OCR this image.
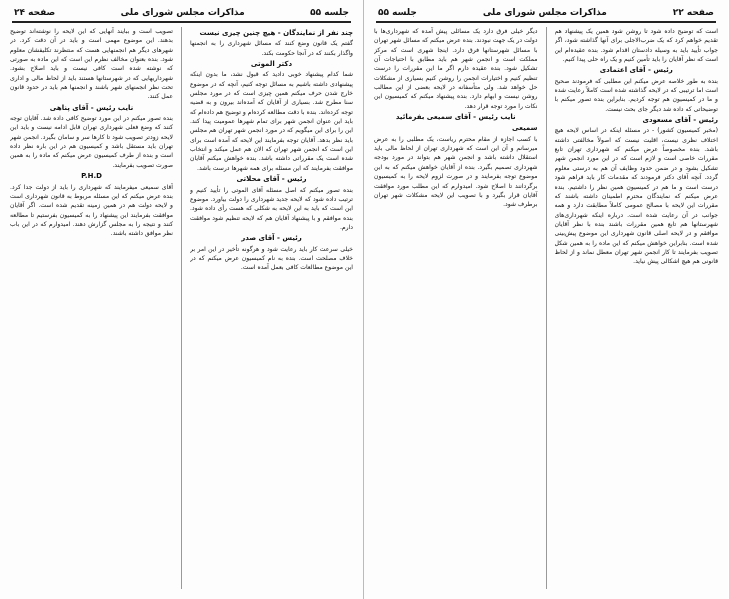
جلسه ۵۵
مذاکرات مجلس شورای ملی
صفحه ۲۴

چند نفر از نمایندگان - هیچ چنین چیزی نیست

گفتم یک قانون وضع کنند که مسائل شهرداری را به انجمنها واگذار بکنند که در آنجا حکومت بکند.

دکتر الموتی

شما کدام پیشنهاد خوبی دادید که قبول نشد، ما بدون اینکه پیشنهادی داشته باشیم به مسائل توجه کنیم، آنچه که در موضوع خارج شدن حرف میکنم همین چیزی است که در مورد مجلس سنا مطرح شد. بسیاری از آقایان که آمده‌اند بیرون و به قضیه توجه کرده‌اند. بنده با دقت مطالعه کرده‌ام و توضیح هم داده‌ام که باید این عنوان انجمن شهر برای تمام شهرها عمومیت پیدا کند. این را برای این میگویم که در مورد انجمن شهر تهران هم مجلس باید نظر بدهد. آقایان توجه بفرمایند این لایحه که آمده است برای این است که انجمن شهر تهران که الان هم عمل میکند و انتخاب شده است یک مقرراتی داشته باشد. بنده خواهش میکنم آقایان موافقت بفرمایند که این مسئله برای همه شهرها درست باشد.

رئیس - آقای محلاتی

بنده تصور میکنم که اصل مسئله آقای الموتی را تأیید کنیم و ترتیب داده شود که لایحه جدید شهرداری را دولت بیاورد. موضوع این است که باید به این لایحه به شکلی که هست رأی داده شود. بنده موافقم و با پیشنهاد آقایان هم که لایحه تنظیم شود موافقت دارم.

رئیس - آقای صدر

خیلی سرعت کار باید رعایت شود و هرگونه تأخیر در این امر بر خلاف مصلحت است. بنده به نام کمیسیون عرض میکنم که در این موضوع مطالعات کافی بعمل آمده است.

تصویب است و ببایند آنهایی که این لایحه را نوشته‌اند توضیح بدهند. این موضوع مهمی است و باید در آن دقت کرد. در شهرهای دیگر هم انجمنهایی هست که منتظرند تکلیفشان معلوم شود. بنده بعنوان مخالف نظرم این است که این ماده به صورتی که نوشته شده است کافی نیست و باید اصلاح بشود. شهرداریهایی که در شهرستانها هستند باید از لحاظ مالی و اداری تحت نظر انجمنهای شهر باشند و انجمنها هم باید در حدود قانون عمل کنند.

نایب رئیس - آقای پناهی

بنده تصور میکنم در این مورد توضیح کافی داده شد. آقایان توجه کنند که وضع فعلی شهرداری تهران قابل ادامه نیست و باید این لایحه زودتر تصویب شود تا کارها سر و سامان بگیرد. انجمن شهر تهران باید مستقل باشد و کمیسیون هم در این باره نظر داده است و بنده از طرف کمیسیون عرض میکنم که ماده را به همین صورت تصویب بفرمایند.

P.H.D

آقای سمیعی میفرمایند که شهرداری را باید از دولت جدا کرد. بنده عرض میکنم که این مسئله مربوط به قانون شهرداری است و لایحه دولت هم در همین زمینه تقدیم شده است. اگر آقایان موافقت بفرمایند این پیشنهاد را به کمیسیون بفرستیم تا مطالعه کنند و نتیجه را به مجلس گزارش دهند. امیدوارم که در این باب نظر موافق داشته باشند.

صفحه ۲۲
مذاکرات مجلس شورای ملی
جلسه ۵۵

است که توضیح داده شود تا روشن شود همین یک پیشنهاد هم تقدیم خواهم کرد که یک ضرب‌الاجلی برای آنها گذاشته شود، اگر جواب تأیید باید به وسیله دادستان اقدام شود. بنده عقیده‌ام این است که نظر آقایان را باید تأمین کنیم و یک راه حلی پیدا کنیم.

رئیس - آقای اعتمادی

بنده به طور خلاصه عرض میکنم این مطلبی که فرمودند صحیح است اما ترتیبی که در لایحه گذاشته شده است کاملاً رعایت شده و ما در کمیسیون هم توجه کردیم. بنابراین بنده تصور میکنم با توضیحاتی که داده شد دیگر جای بحث نیست.

رئیس - آقای مسعودی

(مخبر کمیسیون کشور) - در مسئله اینکه در اساس لایحه هیچ اختلاف نظری نیست، اقلیت نیست که اصولاً مخالفتی داشته باشد. بنده مخصوصاً عرض میکنم که شهرداری تهران تابع مقررات خاصی است و لازم است که در این مورد انجمن شهر تشکیل بشود و در ضمن حدود وظایف آن هم به درستی معلوم گردد. آنچه آقای دکتر فرمودند که مقدمات کار باید فراهم شود درست است و ما هم در کمیسیون همین نظر را داشتیم. بنده عرض میکنم که نمایندگان محترم اطمینان داشته باشند که مقررات این لایحه با مصالح عمومی کاملاً مطابقت دارد و همه جوانب در آن رعایت شده است. درباره اینکه شهرداری‌های شهرستانها هم تابع همین مقررات باشند بنده با نظر آقایان موافقم و در لایحه اصلی قانون شهرداری این موضوع پیش‌بینی شده است. بنابراین خواهش میکنم که این ماده را به همین شکل تصویب بفرمایند تا کار انجمن شهر تهران معطل نماند و از لحاظ قانونی هم هیچ اشکالی پیش نیاید.

دیگر خیلی فرق دارد یک مسائلی پیش آمده که شهرداری‌ها با دولت در یک جهت نبودند. بنده عرض میکنم که مسائل شهر تهران با مسائل شهرستانها فرق دارد. اینجا شهری است که مرکز مملکت است و انجمن شهر هم باید مطابق با احتیاجات آن تشکیل شود. بنده عقیده دارم اگر ما این مقررات را درست تنظیم کنیم و اختیارات انجمن را روشن کنیم بسیاری از مشکلات حل خواهد شد. ولی متأسفانه در لایحه بعضی از این مطالب روشن نیست و ابهام دارد. بنده پیشنهاد میکنم که کمیسیون این نکات را مورد توجه قرار دهد.

نایب رئیس - آقای سمیعی بفرمائید

سمیعی

با کسب اجازه از مقام محترم ریاست، یک مطلبی را به عرض میرسانم و آن این است که شهرداری تهران از لحاظ مالی باید استقلال داشته باشد و انجمن شهر هم بتواند در مورد بودجه شهرداری تصمیم بگیرد. بنده از آقایان خواهش میکنم که به این موضوع توجه بفرمایند و در صورت لزوم لایحه را به کمیسیون برگردانند تا اصلاح شود. امیدوارم که این مطلب مورد موافقت آقایان قرار بگیرد و با تصویب این لایحه مشکلات شهر تهران برطرف شود.
